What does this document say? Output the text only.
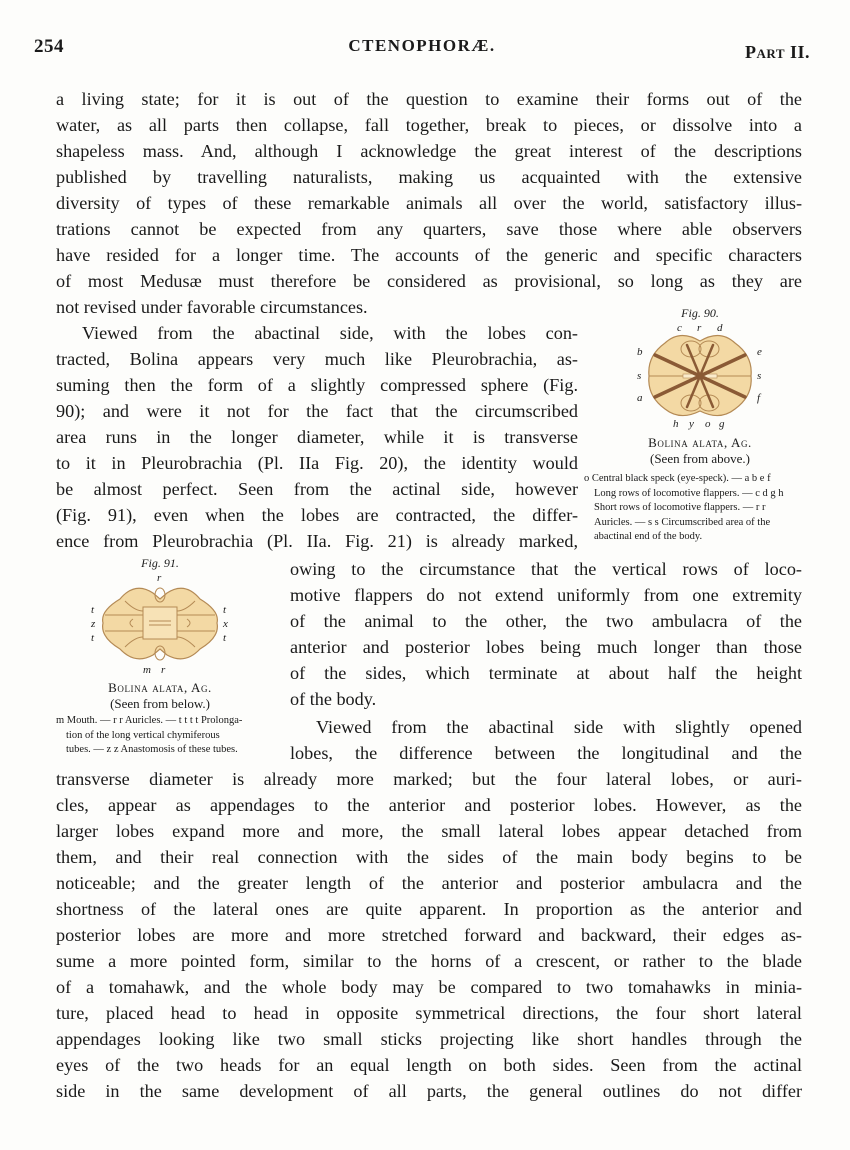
254	CTENOPHORÆ.	Part II.
a living state; for it is out of the question to examine their forms out of the
water, as all parts then collapse, fall together, break to pieces, or dissolve into a
shapeless mass. And, although I acknowledge the great interest of the descriptions
published by travelling naturalists, making us acquainted with the extensive
diversity of types of these remarkable animals all over the world, satisfactory illus-
trations cannot be expected from any quarters, save those where able observers
have resided for a longer time. The accounts of the generic and specific characters
of most Medusæ must therefore be considered as provisional, so long as they are
not revised under favorable circumstances.
Viewed from the abactinal side, with the lobes con-
tracted, Bolina appears very much like Pleurobrachia, as-
suming then the form of a slightly compressed sphere (Fig.
90); and were it not for the fact that the circumscribed
area runs in the longer diameter, while it is transverse
to it in Pleurobrachia (Pl. IIa Fig. 20), the identity would
be almost perfect. Seen from the actinal side, however
(Fig. 91), even when the lobes are contracted, the differ-
ence from Pleurobrachia (Pl. IIa. Fig. 21) is already marked,
owing to the circumstance that the vertical rows of loco-
motive flappers do not extend uniformly from one extremity
of the animal to the other, the two ambulacra of the
anterior and posterior lobes being much longer than those
of the sides, which terminate at about half the height
of the body.
Viewed from the abactinal side with slightly opened
lobes, the difference between the longitudinal and the
transverse diameter is already more marked; but the four lateral lobes, or auri-
cles, appear as appendages to the anterior and posterior lobes. However, as the
larger lobes expand more and more, the small lateral lobes appear detached from
them, and their real connection with the sides of the main body begins to be
noticeable; and the greater length of the anterior and posterior ambulacra and the
shortness of the lateral ones are quite apparent. In proportion as the anterior and
posterior lobes are more and more stretched forward and backward, their edges as-
sume a more pointed form, similar to the horns of a crescent, or rather to the blade
of a tomahawk, and the whole body may be compared to two tomahawks in minia-
ture, placed head to head in opposite symmetrical directions, the four short lateral
appendages looking like two small sticks projecting like short handles through the
eyes of the two heads for an equal length on both sides. Seen from the actinal
side in the same development of all parts, the general outlines do not differ
Fig. 90.
c r d
b	e
s	s
a	f
h y o g
Bolina alata, Ag.
(Seen from above.)
o Central black speck (eye-speck). — a b e f
Long rows of locomotive flappers. — c d g h
Short rows of locomotive flappers. — r r
Auricles. — s s Circumscribed area of the
abactinal end of the body.
Fig. 91.
r
t	t
z	x
t	t
m r
Bolina alata, Ag.
(Seen from below.)
m Mouth. — r r Auricles. — t t t t Prolonga-
tion of the long vertical chymiferous
tubes. — z z Anastomosis of these tubes.
